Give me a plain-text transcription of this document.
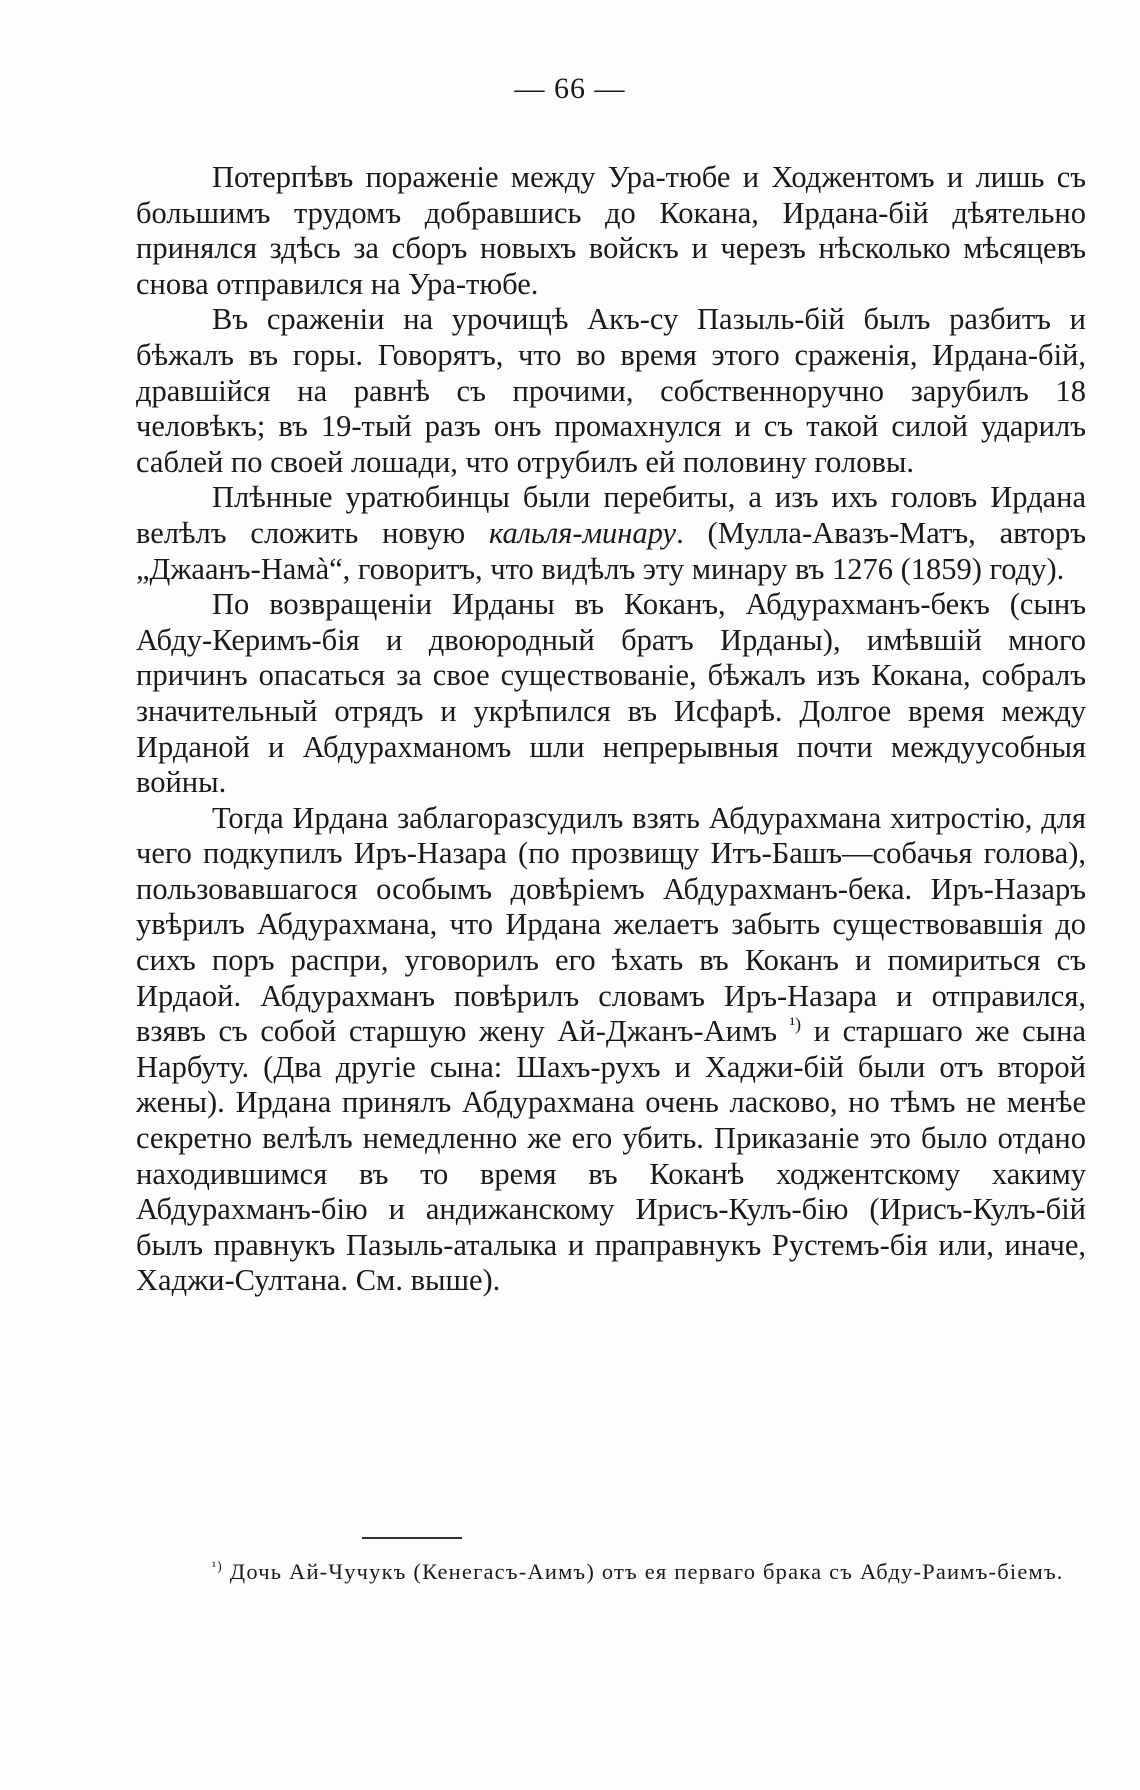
— 66 —

Потерпѣвъ пораженіе между Ура-тюбе и Ходжентомъ и лишь съ большимъ трудомъ добравшись до Кокана, Ирдана-бій дѣятельно принялся здѣсь за сборъ новыхъ войскъ и черезъ нѣсколько мѣсяцевъ снова отправился на Ура-тюбе.

Въ сраженіи на урочищѣ Акъ-су Пазыль-бій былъ разбитъ и бѣжалъ въ горы. Говорятъ, что во время этого сраженія, Ирдана-бій, дравшійся на равнѣ съ прочими, собственноручно зарубилъ 18 человѣкъ; въ 19-тый разъ онъ промахнулся и съ такой силой ударилъ саблей по своей лошади, что отрубилъ ей половину головы.

Плѣнные уратюбинцы были перебиты, а изъ ихъ головъ Ирдана велѣлъ сложить новую кальля-минару. (Мулла-Авазъ-Матъ, авторъ „Джаанъ-Намà“, говоритъ, что видѣлъ эту минару въ 1276 (1859) году).

По возвращеніи Ирданы въ Коканъ, Абдурахманъ-бекъ (сынъ Абду-Керимъ-бія и двоюродный братъ Ирданы), имѣвшій много причинъ опасаться за свое существованіе, бѣжалъ изъ Кокана, собралъ значительный отрядъ и укрѣпился въ Исфарѣ. Долгое время между Ирданой и Абдурахманомъ шли непрерывныя почти междуусобныя войны.

Тогда Ирдана заблагоразсудилъ взять Абдурахмана хитростію, для чего подкупилъ Иръ-Назара (по прозвищу Итъ-Башъ—собачья голова), пользовавшагося особымъ довѣріемъ Абдурахманъ-бека. Иръ-Назаръ увѣрилъ Абдурахмана, что Ирдана желаетъ забыть существовавшія до сихъ поръ распри, уговорилъ его ѣхать въ Коканъ и помириться съ Ирдаой. Абдурахманъ повѣрилъ словамъ Иръ-Назара и отправился, взявъ съ собой старшую жену Ай-Джанъ-Аимъ $^{^1)}$ и старшаго же сына Нарбуту. (Два другіе сына: Шахъ-рухъ и Хаджи-бій были отъ второй жены). Ирдана принялъ Абдурахмана очень ласково, но тѣмъ не менѣе секретно велѣлъ немедленно же его убить. Приказаніе это было отдано находившимся въ то время въ Коканѣ ходжентскому хакиму Абдурахманъ-бію и андижанскому Ирисъ-Кулъ-бію (Ирисъ-Кулъ-бій былъ правнукъ Пазыль-аталыка и праправнукъ Рустемъ-бія или, иначе, Хаджи-Султана. См. выше).

$^{^1)}$ Дочь Ай-Чучукъ (Кенегасъ-Аимъ) отъ ея перваго брака съ Абду-Раимъ-біемъ.
